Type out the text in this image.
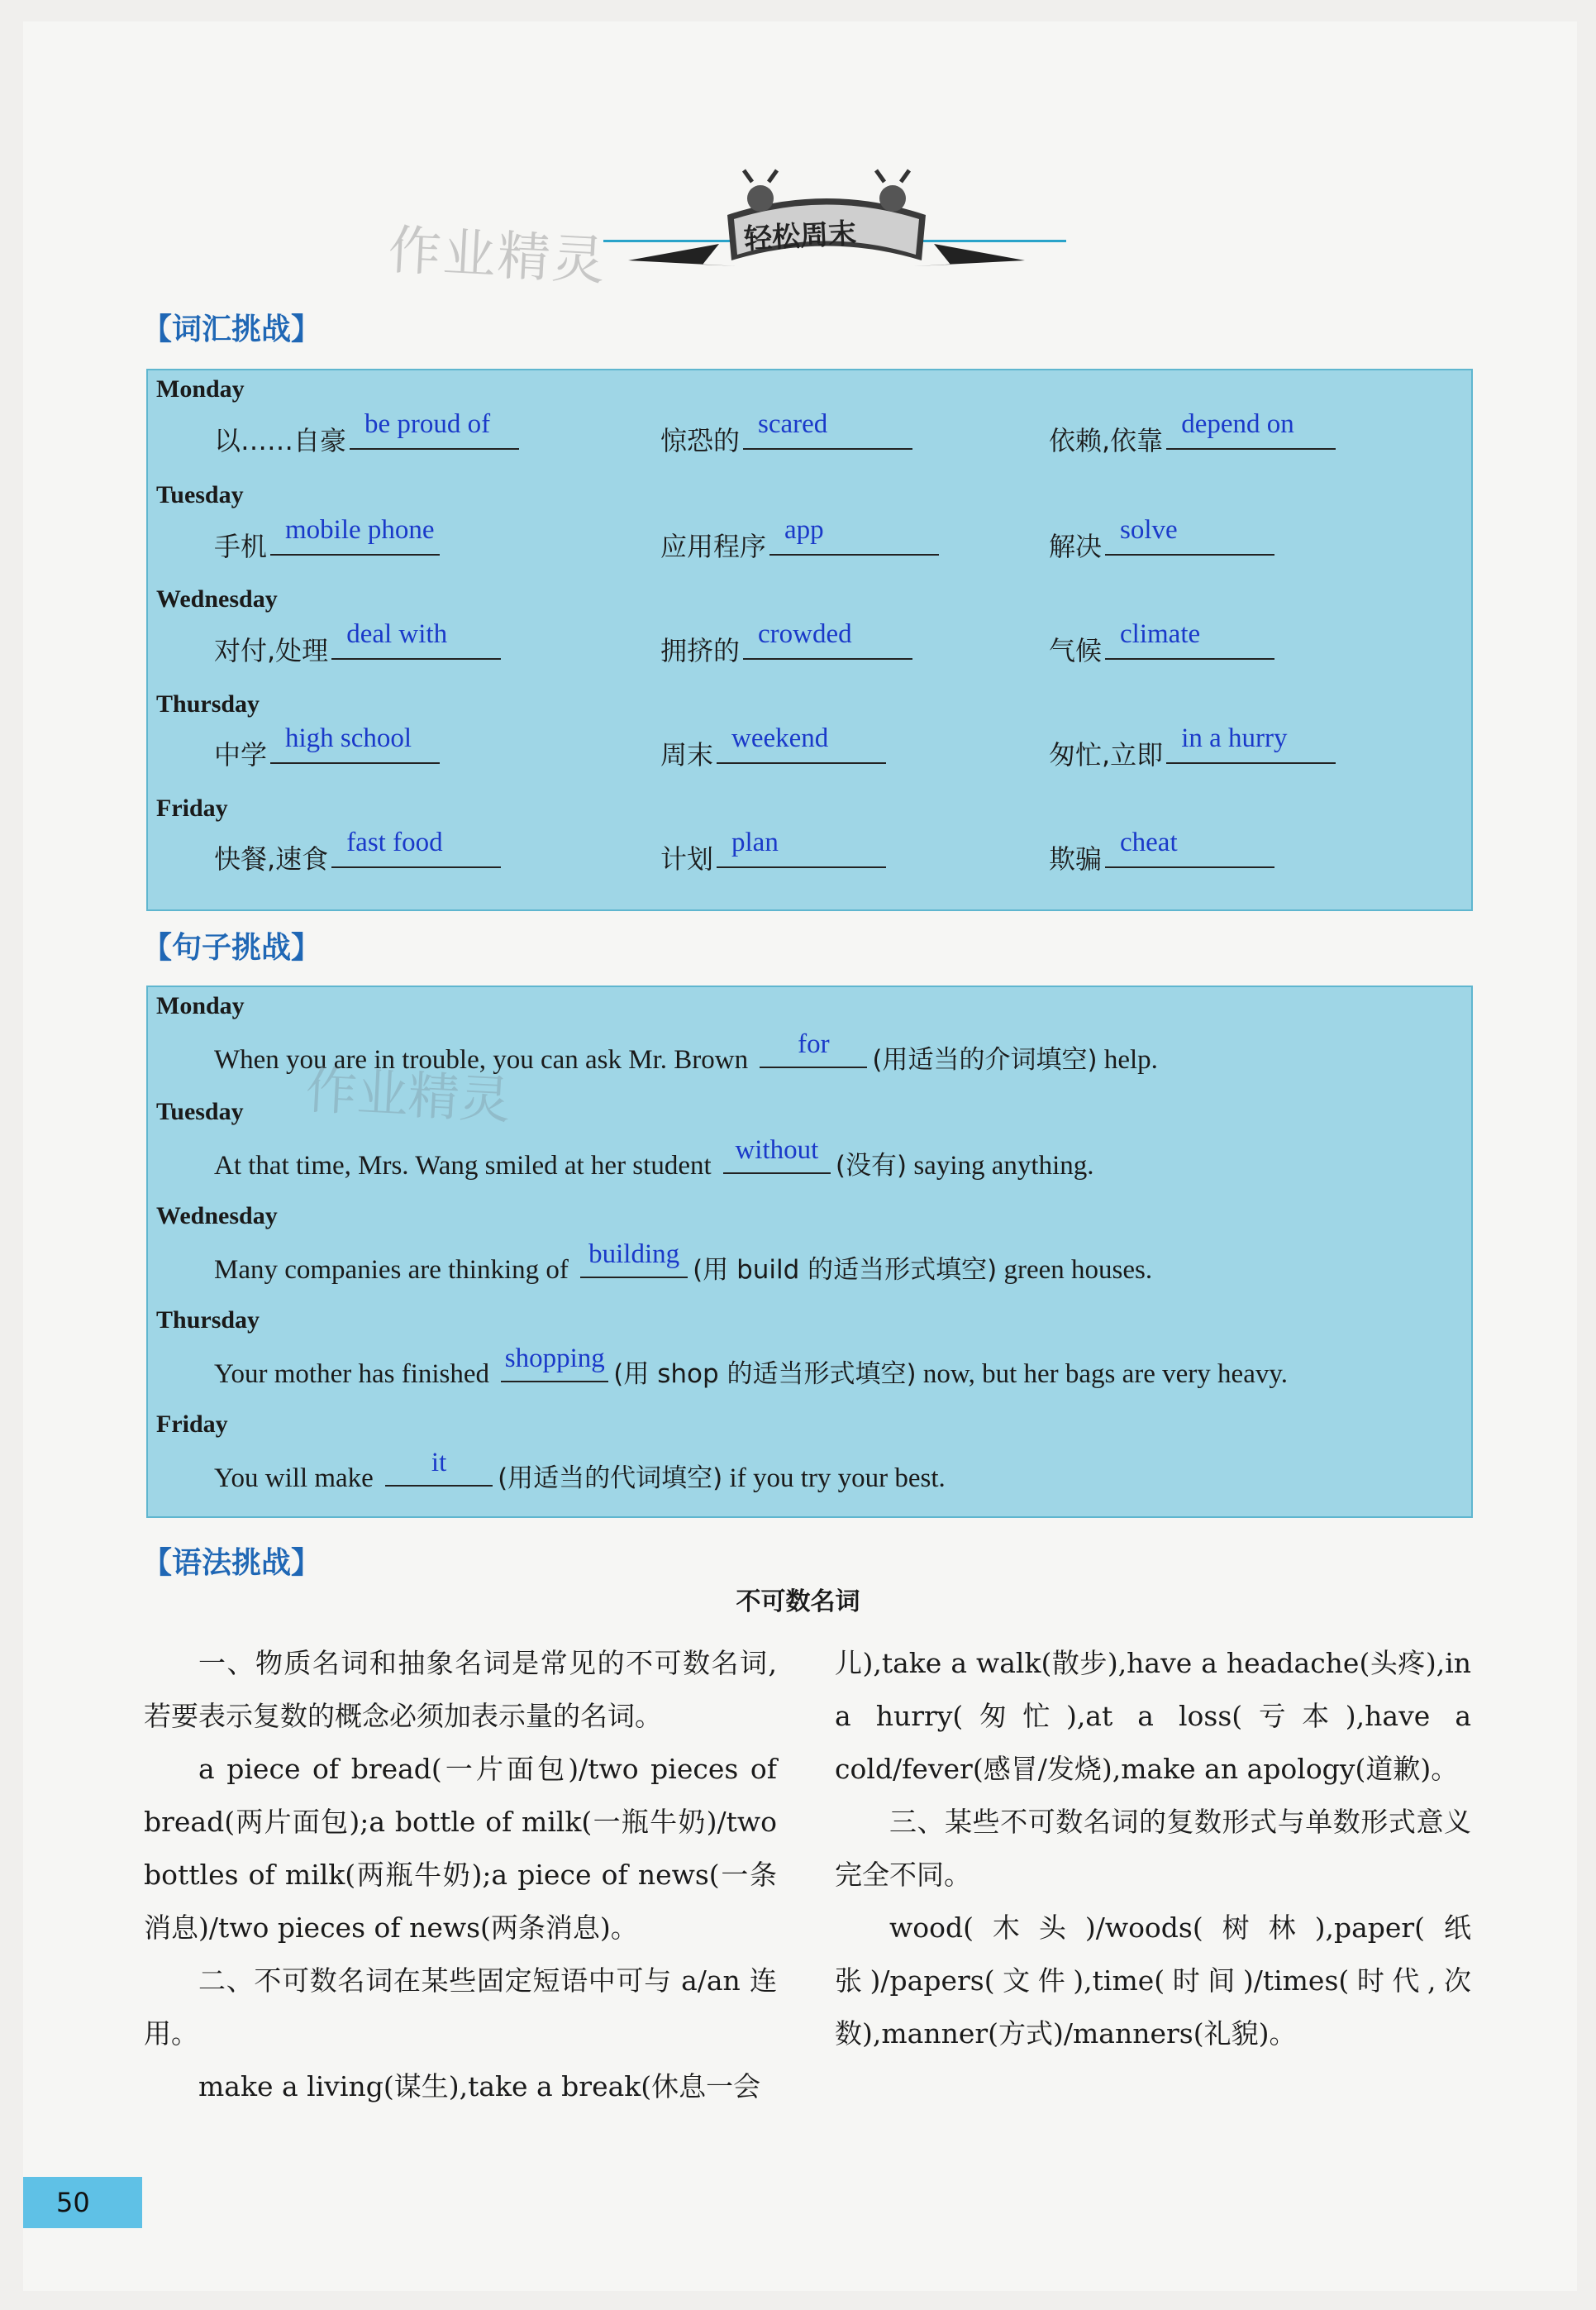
轻松周末
作业精灵
【词汇挑战】
Monday
Tuesday
Wednesday
Thursday
Friday
以……自豪
be proud of
惊恐的
scared
依赖,依靠
depend on
手机
mobile phone
应用程序
app
解决
solve
对付,处理
deal with
拥挤的
crowded
气候
climate
中学
high school
周末
weekend
匆忙,立即
in a hurry
快餐,速食
fast food
计划
plan
欺骗
cheat
【句子挑战】
Monday
When you are in trouble, you can ask Mr. Brown
for
(用适当的介词填空) help.
Tuesday
At that time, Mrs. Wang smiled at her student
without
(没有) saying anything.
Wednesday
Many companies are thinking of
building
(用 build 的适当形式填空) green houses.
Thursday
Your mother has finished
shopping
(用 shop 的适当形式填空) now, but her bags are very heavy.
Friday
You will make
it
(用适当的代词填空) if you try your best.
作业精灵
【语法挑战】
不可数名词

一、物质名词和抽象名词是常见的不可数名词,若要表示复数的概念必须加表示量的名词。

a piece of bread(一片面包)/two pieces of bread(两片面包);a bottle of milk(一瓶牛奶)/two bottles of milk(两瓶牛奶);a piece of news(一条消息)/two pieces of news(两条消息)。

二、不可数名词在某些固定短语中可与 a/an 连用。

make a living(谋生),take a break(休息一会

儿),take a walk(散步),have a headache(头疼),in a hurry(匆忙),at a loss(亏本),have a cold/fever(感冒/发烧),make an apology(道歉)。

三、某些不可数名词的复数形式与单数形式意义完全不同。

wood(木头)/woods(树林),paper(纸张)/papers(文件),time(时间)/times(时代,次数),manner(方式)/manners(礼貌)。

50
